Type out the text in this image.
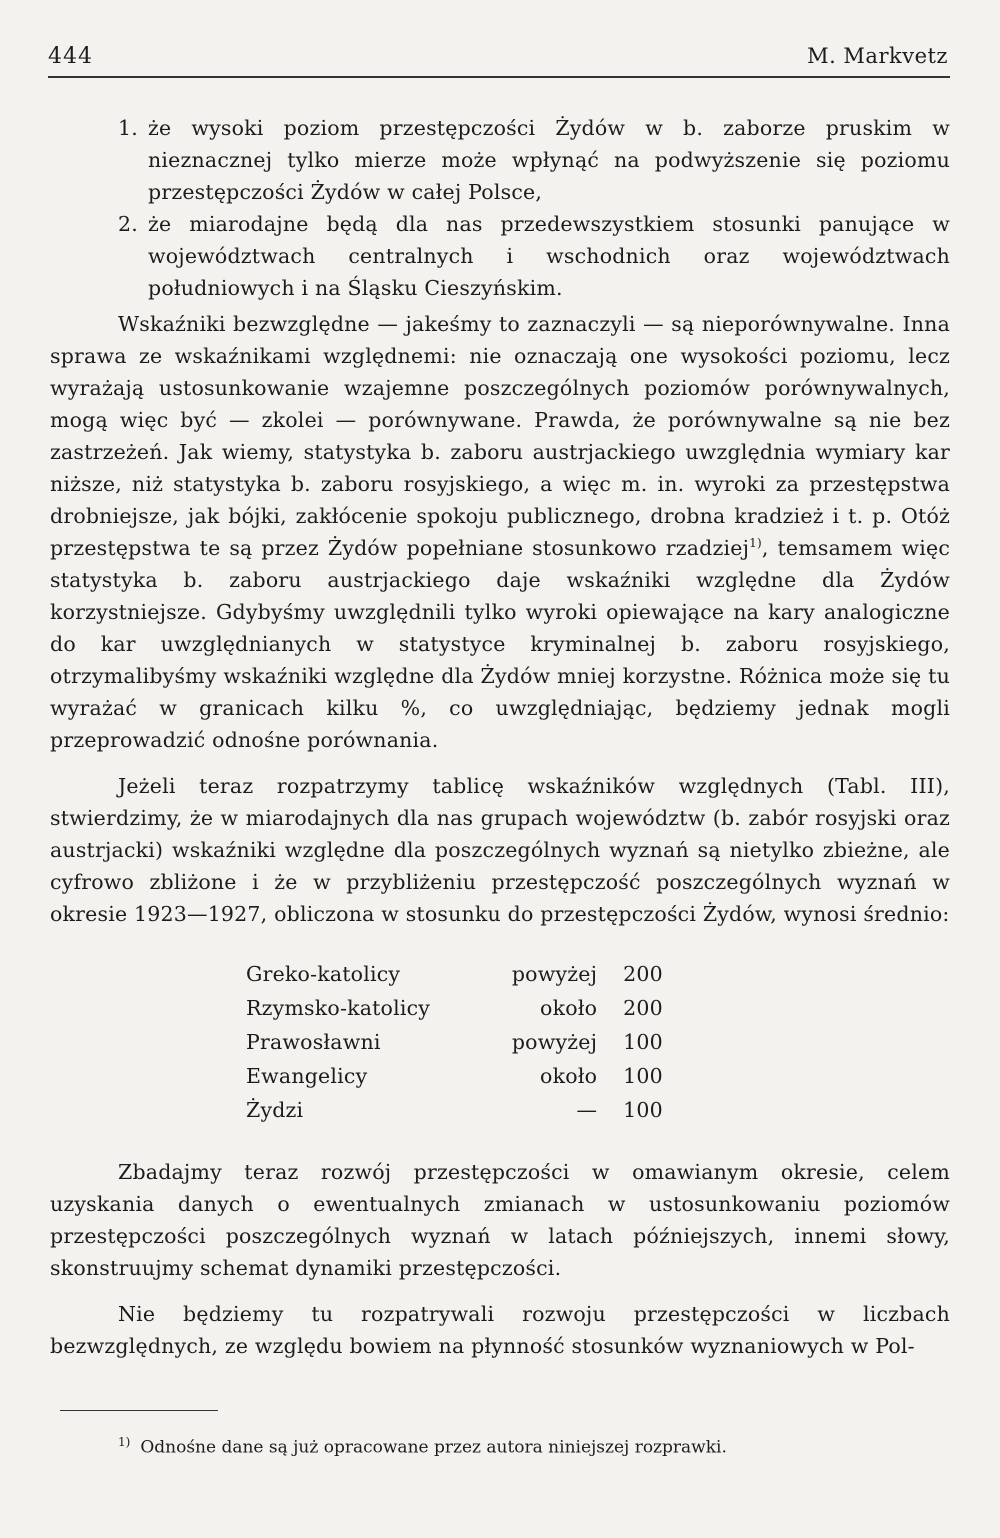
444	M. Markvetz
1. że wysoki poziom przestępczości Żydów w b. zaborze pruskim w nieznacznej tylko mierze może wpłynąć na podwyższenie się poziomu przestępczości Żydów w całej Polsce,
2. że miarodajne będą dla nas przedewszystkiem stosunki panujące w województwach centralnych i wschodnich oraz województwach południowych i na Śląsku Cieszyńskim.

Wskaźniki bezwzględne — jakeśmy to zaznaczyli — są nieporównywalne. Inna sprawa ze wskaźnikami względnemi: nie oznaczają one wysokości poziomu, lecz wyrażają ustosunkowanie wzajemne poszczególnych poziomów porównywalnych, mogą więc być — zkolei — porównywane. Prawda, że porównywalne są nie bez zastrzeżeń. Jak wiemy, statystyka b. zaboru austrjackiego uwzględnia wymiary kar niższe, niż statystyka b. zaboru rosyjskiego, a więc m. in. wyroki za przestępstwa drobniejsze, jak bójki, zakłócenie spokoju publicznego, drobna kradzież i t. p. Otóż przestępstwa te są przez Żydów popełniane stosunkowo rzadziej$^{1)}$, temsamem więc statystyka b. zaboru austrjackiego daje wskaźniki względne dla Żydów korzystniejsze. Gdybyśmy uwzględnili tylko wyroki opiewające na kary analogiczne do kar uwzględnianych w statystyce kryminalnej b. zaboru rosyjskiego, otrzymalibyśmy wskaźniki względne dla Żydów mniej korzystne. Różnica może się tu wyrażać w granicach kilku %, co uwzględniając, będziemy jednak mogli przeprowadzić odnośne porównania.

Jeżeli teraz rozpatrzymy tablicę wskaźników względnych (Tabl. III), stwierdzimy, że w miarodajnych dla nas grupach województw (b. zabór rosyjski oraz austrjacki) wskaźniki względne dla poszczególnych wyznań są nietylko zbieżne, ale cyfrowo zbliżone i że w przybliżeniu przestępczość poszczególnych wyznań w okresie 1923—1927, obliczona w stosunku do przestępczości Żydów, wynosi średnio:

Greko-katolicy	powyżej	200
Rzymsko-katolicy	około	200
Prawosławni	powyżej	100
Ewangelicy	około	100
Żydzi	—	100

Zbadajmy teraz rozwój przestępczości w omawianym okresie, celem uzyskania danych o ewentualnych zmianach w ustosunkowaniu poziomów przestępczości poszczególnych wyznań w latach późniejszych, innemi słowy, skonstruujmy schemat dynamiki przestępczości.

Nie będziemy tu rozpatrywali rozwoju przestępczości w liczbach bezwzględnych, ze względu bowiem na płynność stosunków wyznaniowych w Pol-

$^{1)}$ Odnośne dane są już opracowane przez autora niniejszej rozprawki.
